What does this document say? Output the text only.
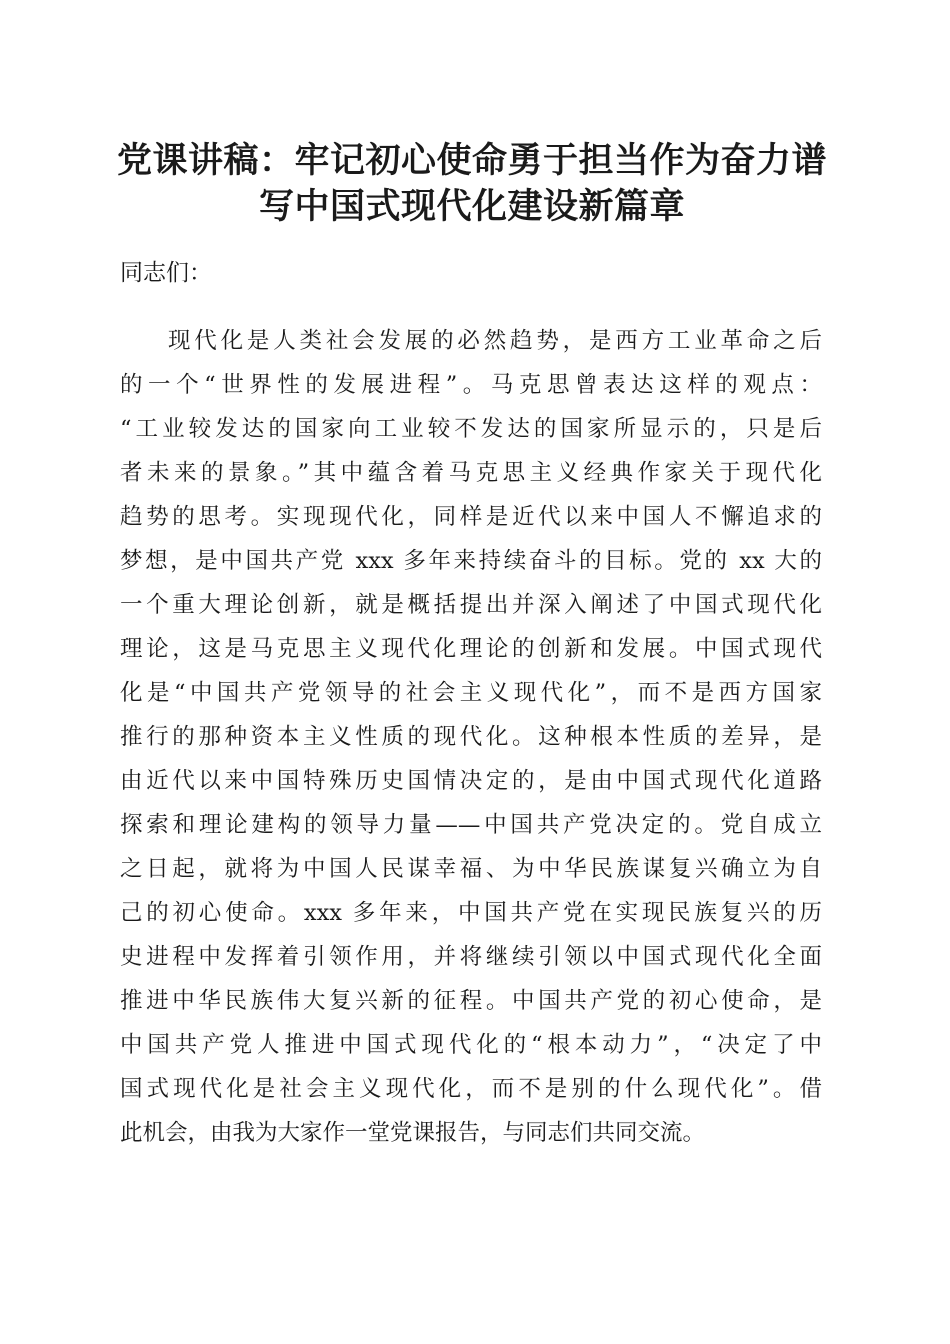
党课讲稿：牢记初心使命勇于担当作为奋力谱
写中国式现代化建设新篇章

同志们：

现代化是人类社会发展的必然趋势，是西方工业革命之后

的一个“世界性的发展进程”。马克思曾表达这样的观点：

“工业较发达的国家向工业较不发达的国家所显示的，只是后

者未来的景象。”其中蕴含着马克思主义经典作家关于现代化

趋势的思考。实现现代化，同样是近代以来中国人不懈追求的

梦想，是中国共产党 xxx 多年来持续奋斗的目标。党的 xx 大的

一个重大理论创新，就是概括提出并深入阐述了中国式现代化

理论，这是马克思主义现代化理论的创新和发展。中国式现代

化是“中国共产党领导的社会主义现代化”，而不是西方国家

推行的那种资本主义性质的现代化。这种根本性质的差异，是

由近代以来中国特殊历史国情决定的，是由中国式现代化道路

探索和理论建构的领导力量——中国共产党决定的。党自成立

之日起，就将为中国人民谋幸福、为中华民族谋复兴确立为自

己的初心使命。xxx 多年来，中国共产党在实现民族复兴的历

史进程中发挥着引领作用，并将继续引领以中国式现代化全面

推进中华民族伟大复兴新的征程。中国共产党的初心使命，是

中国共产党人推进中国式现代化的“根本动力”，“决定了中

国式现代化是社会主义现代化，而不是别的什么现代化”。借

此机会，由我为大家作一堂党课报告，与同志们共同交流。
